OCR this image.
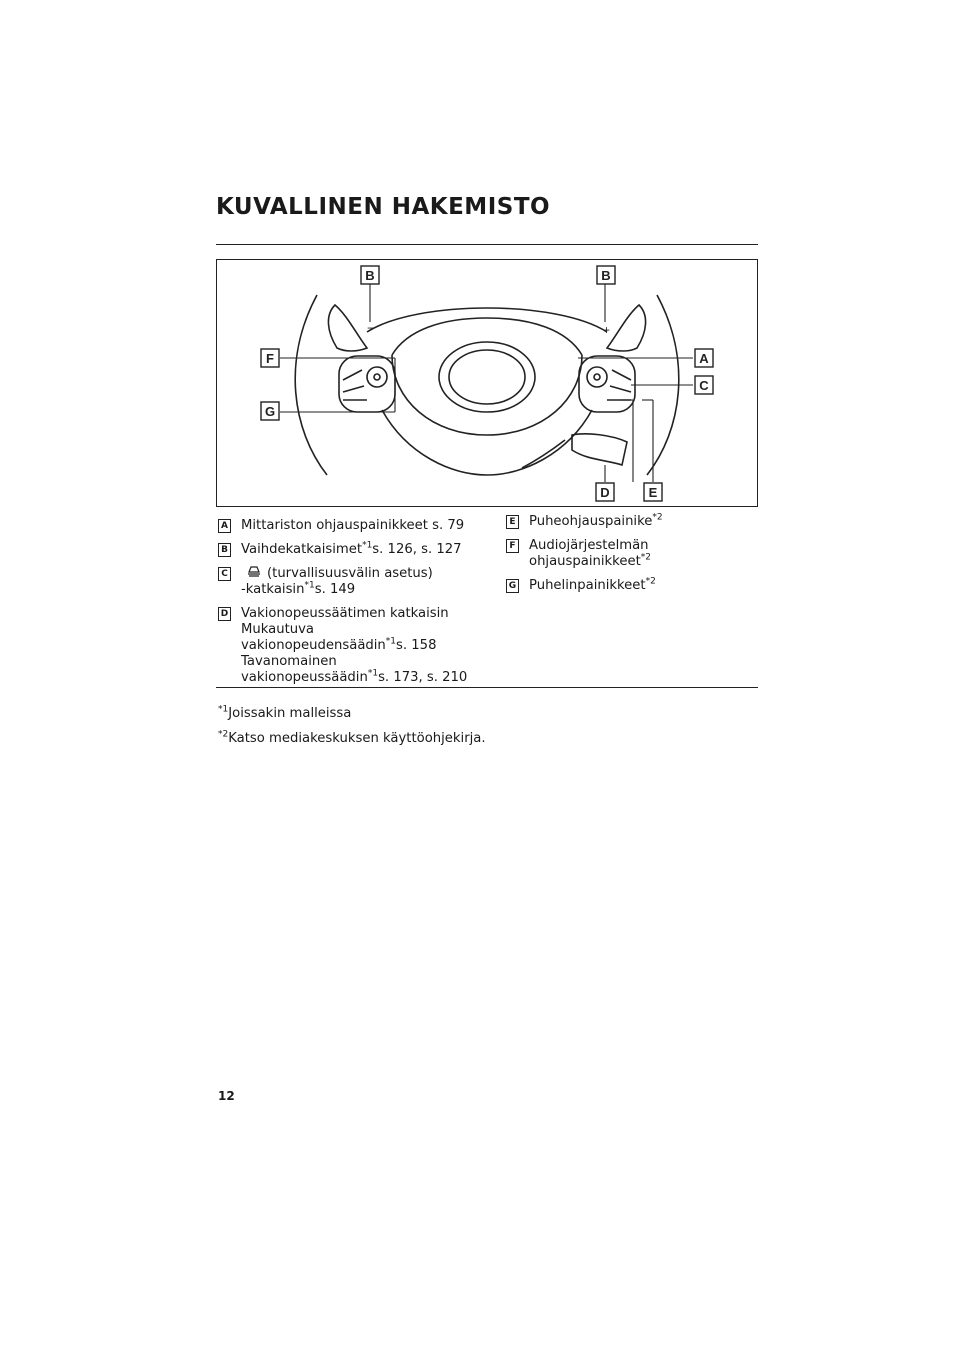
KUVALLINEN HAKEMISTO
−	+
B	B
F
G
A
C
D	E
A Mittariston ohjauspainikkeet s. 79
B Vaihdekatkaisimet$^{*1}$s. 126, s. 127
C	(turvallisuusvälin asetus)
-katkaisin$^{*1}$s. 149
D Vakionopeussäätimen katkaisin
Mukautuva
vakionopeudensäädin$^{*1}$s. 158
Tavanomainen
vakionopeussäädin$^{*1}$s. 173, s. 210
E Puheohjauspainike$^{*2}$
F Audiojärjestelmän ohjauspainikkeet$^{*2}$
G Puhelinpainikkeet$^{*2}$
$^{*1}$Joissakin malleissa
$^{*2}$Katso mediakeskuksen käyttöohjekirja.
12
